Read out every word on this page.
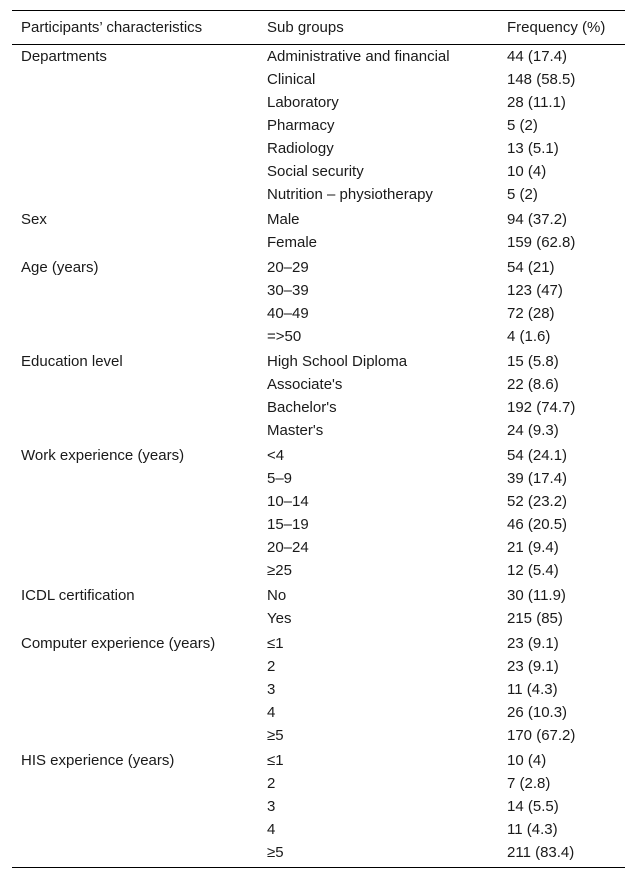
Participants’ characteristics	Sub groups	Frequency (%)
Departments	Administrative and financial	44 (17.4)
	Clinical	148 (58.5)
	Laboratory	28 (11.1)
	Pharmacy	5 (2)
	Radiology	13 (5.1)
	Social security	10 (4)
	Nutrition – physiotherapy	5 (2)
Sex	Male	94 (37.2)
	Female	159 (62.8)
Age (years)	20–29	54 (21)
	30–39	123 (47)
	40–49	72 (28)
	=>50	4 (1.6)
Education level	High School Diploma	15 (5.8)
	Associate's	22 (8.6)
	Bachelor's	192 (74.7)
	Master's	24 (9.3)
Work experience (years)	<4	54 (24.1)
	5–9	39 (17.4)
	10–14	52 (23.2)
	15–19	46 (20.5)
	20–24	21 (9.4)
	≥25	12 (5.4)
ICDL certification	No	30 (11.9)
	Yes	215 (85)
Computer experience (years)	≤1	23 (9.1)
	2	23 (9.1)
	3	11 (4.3)
	4	26 (10.3)
	≥5	170 (67.2)
HIS experience (years)	≤1	10 (4)
	2	7 (2.8)
	3	14 (5.5)
	4	11 (4.3)
	≥5	211 (83.4)
